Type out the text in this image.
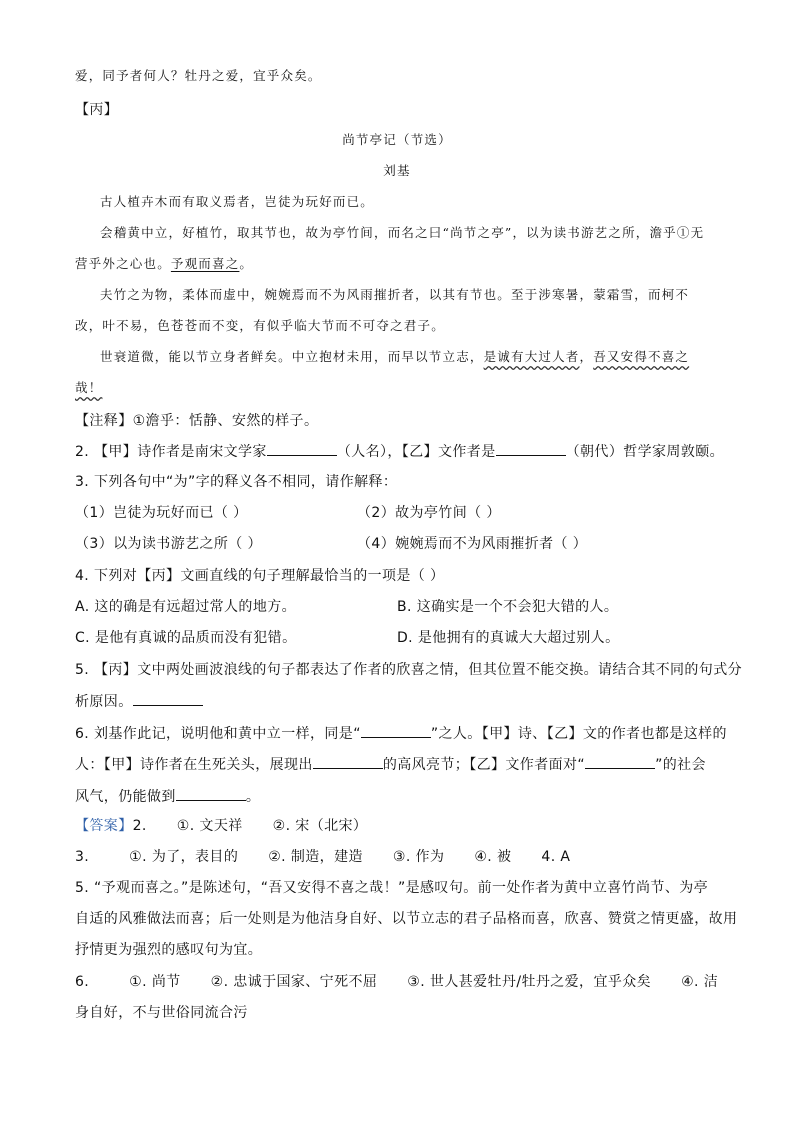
爱，同予者何人？牡丹之爱，宜乎众矣。
【丙】
尚节亭记（节选）
刘基
古人植卉木而有取义焉者，岂徒为玩好而已。
会稽黄中立，好植竹，取其节也，故为亭竹间，而名之曰“尚节之亭”，以为读书游艺之所，澹乎①无
营乎外之心也。予观而喜之。
夫竹之为物，柔体而虚中，婉婉焉而不为风雨摧折者，以其有节也。至于涉寒暑，蒙霜雪，而柯不
改，叶不易，色苍苍而不变，有似乎临大节而不可夺之君子。
世衰道微，能以节立身者鲜矣。中立抱材未用，而早以节立志，是诚有大过人者，吾又安得不喜之
哉！
【注释】①澹乎：恬静、安然的样子。
2. 【甲】诗作者是南宋文学家	（人名），【乙】文作者是	（朝代）哲学家周敦颐。
3. 下列各句中“为”字的释义各不相同，请作解释：
（1）岂徒为玩好而已（ ）	（2）故为亭竹间（ ）
（3）以为读书游艺之所（ ）	（4）婉婉焉而不为风雨摧折者（ ）
4. 下列对【丙】文画直线的句子理解最恰当的一项是（ ）
A. 这的确是有远超过常人的地方。	B. 这确实是一个不会犯大错的人。
C. 是他有真诚的品质而没有犯错。	D. 是他拥有的真诚大大超过别人。
5. 【丙】文中两处画波浪线的句子都表达了作者的欣喜之情，但其位置不能交换。请结合其不同的句式分
析原因。
6. 刘基作此记，说明他和黄中立一样，同是“	”之人。【甲】诗、【乙】文的作者也都是这样的
人：【甲】诗作者在生死关头，展现出	的高风亮节；【乙】文作者面对“	”的社会
风气，仍能做到	。
【答案】2. ①. 文天祥 ②. 宋（北宋）
3.	①. 为了，表目的 ②. 制造，建造 ③. 作为 ④. 被 4. A
5. “予观而喜之。”是陈述句，“吾又安得不喜之哉！”是感叹句。前一处作者为黄中立喜竹尚节、为亭
自适的风雅做法而喜；后一处则是为他洁身自好、以节立志的君子品格而喜，欣喜、赞赏之情更盛，故用
抒情更为强烈的感叹句为宜。
6.	①. 尚节 ②. 忠诚于国家、宁死不屈 ③. 世人甚爱牡丹/牡丹之爱，宜乎众矣 ④. 洁
身自好，不与世俗同流合污
